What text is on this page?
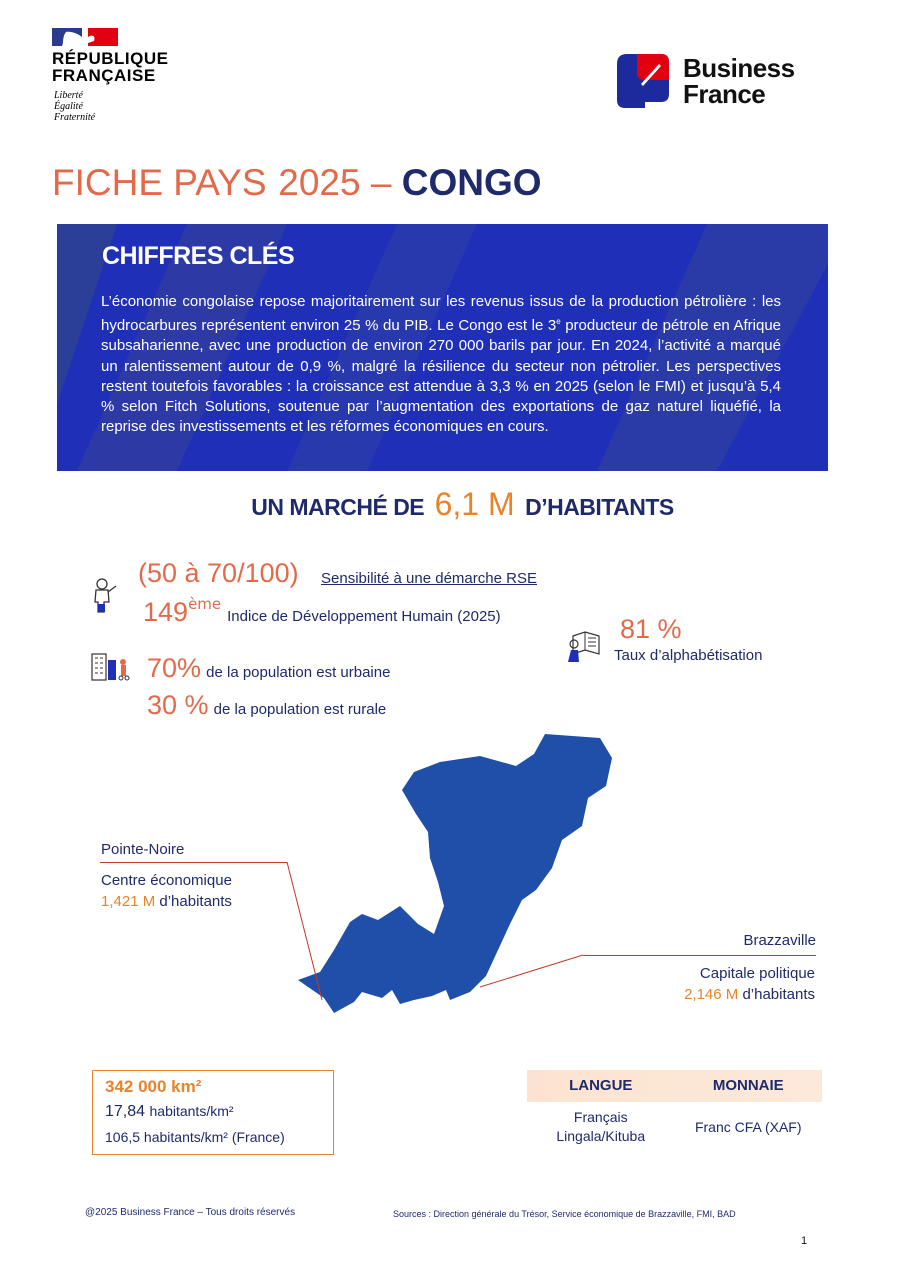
RÉPUBLIQUE
FRANÇAISE
Liberté
Égalité
Fraternité
Business
France
FICHE PAYS 2025 – CONGO
CHIFFRES CLÉS
L’économie congolaise repose majoritairement sur les revenus issus de la production pétrolière : les hydrocarbures représentent environ 25 % du PIB. Le Congo est le 3e producteur de pétrole en Afrique subsaharienne, avec une production de environ 270 000 barils par jour. En 2024, l’activité a marqué un ralentissement autour de 0,9 %, malgré la résilience du secteur non pétrolier. Les perspectives restent toutefois favorables : la croissance est attendue à 3,3 % en 2025 (selon le FMI) et jusqu’à 5,4 % selon Fitch Solutions, soutenue par l’augmentation des exportations de gaz naturel liquéfié, la reprise des investissements et les réformes économiques en cours.
UN MARCHÉ DE 6,1 M D’HABITANTS
(50 à 70/100) Sensibilité à une démarche RSE
149èmeIndice de Développement Humain (2025)
70% de la population est urbaine
30 % de la population est rurale
81 %
Taux d’alphabétisation
Pointe-Noire
Centre économique
1,421 M d’habitants
Brazzaville
Capitale politique
2,146 M d’habitants
342 000 km²
17,84 habitants/km²
106,5 habitants/km² (France)
LANGUE	MONNAIE
Français
Lingala/Kituba
Franc CFA (XAF)
@2025 Business France – Tous droits réservés	Sources : Direction générale du Trésor, Service économique de Brazzaville, FMI, BAD
1
